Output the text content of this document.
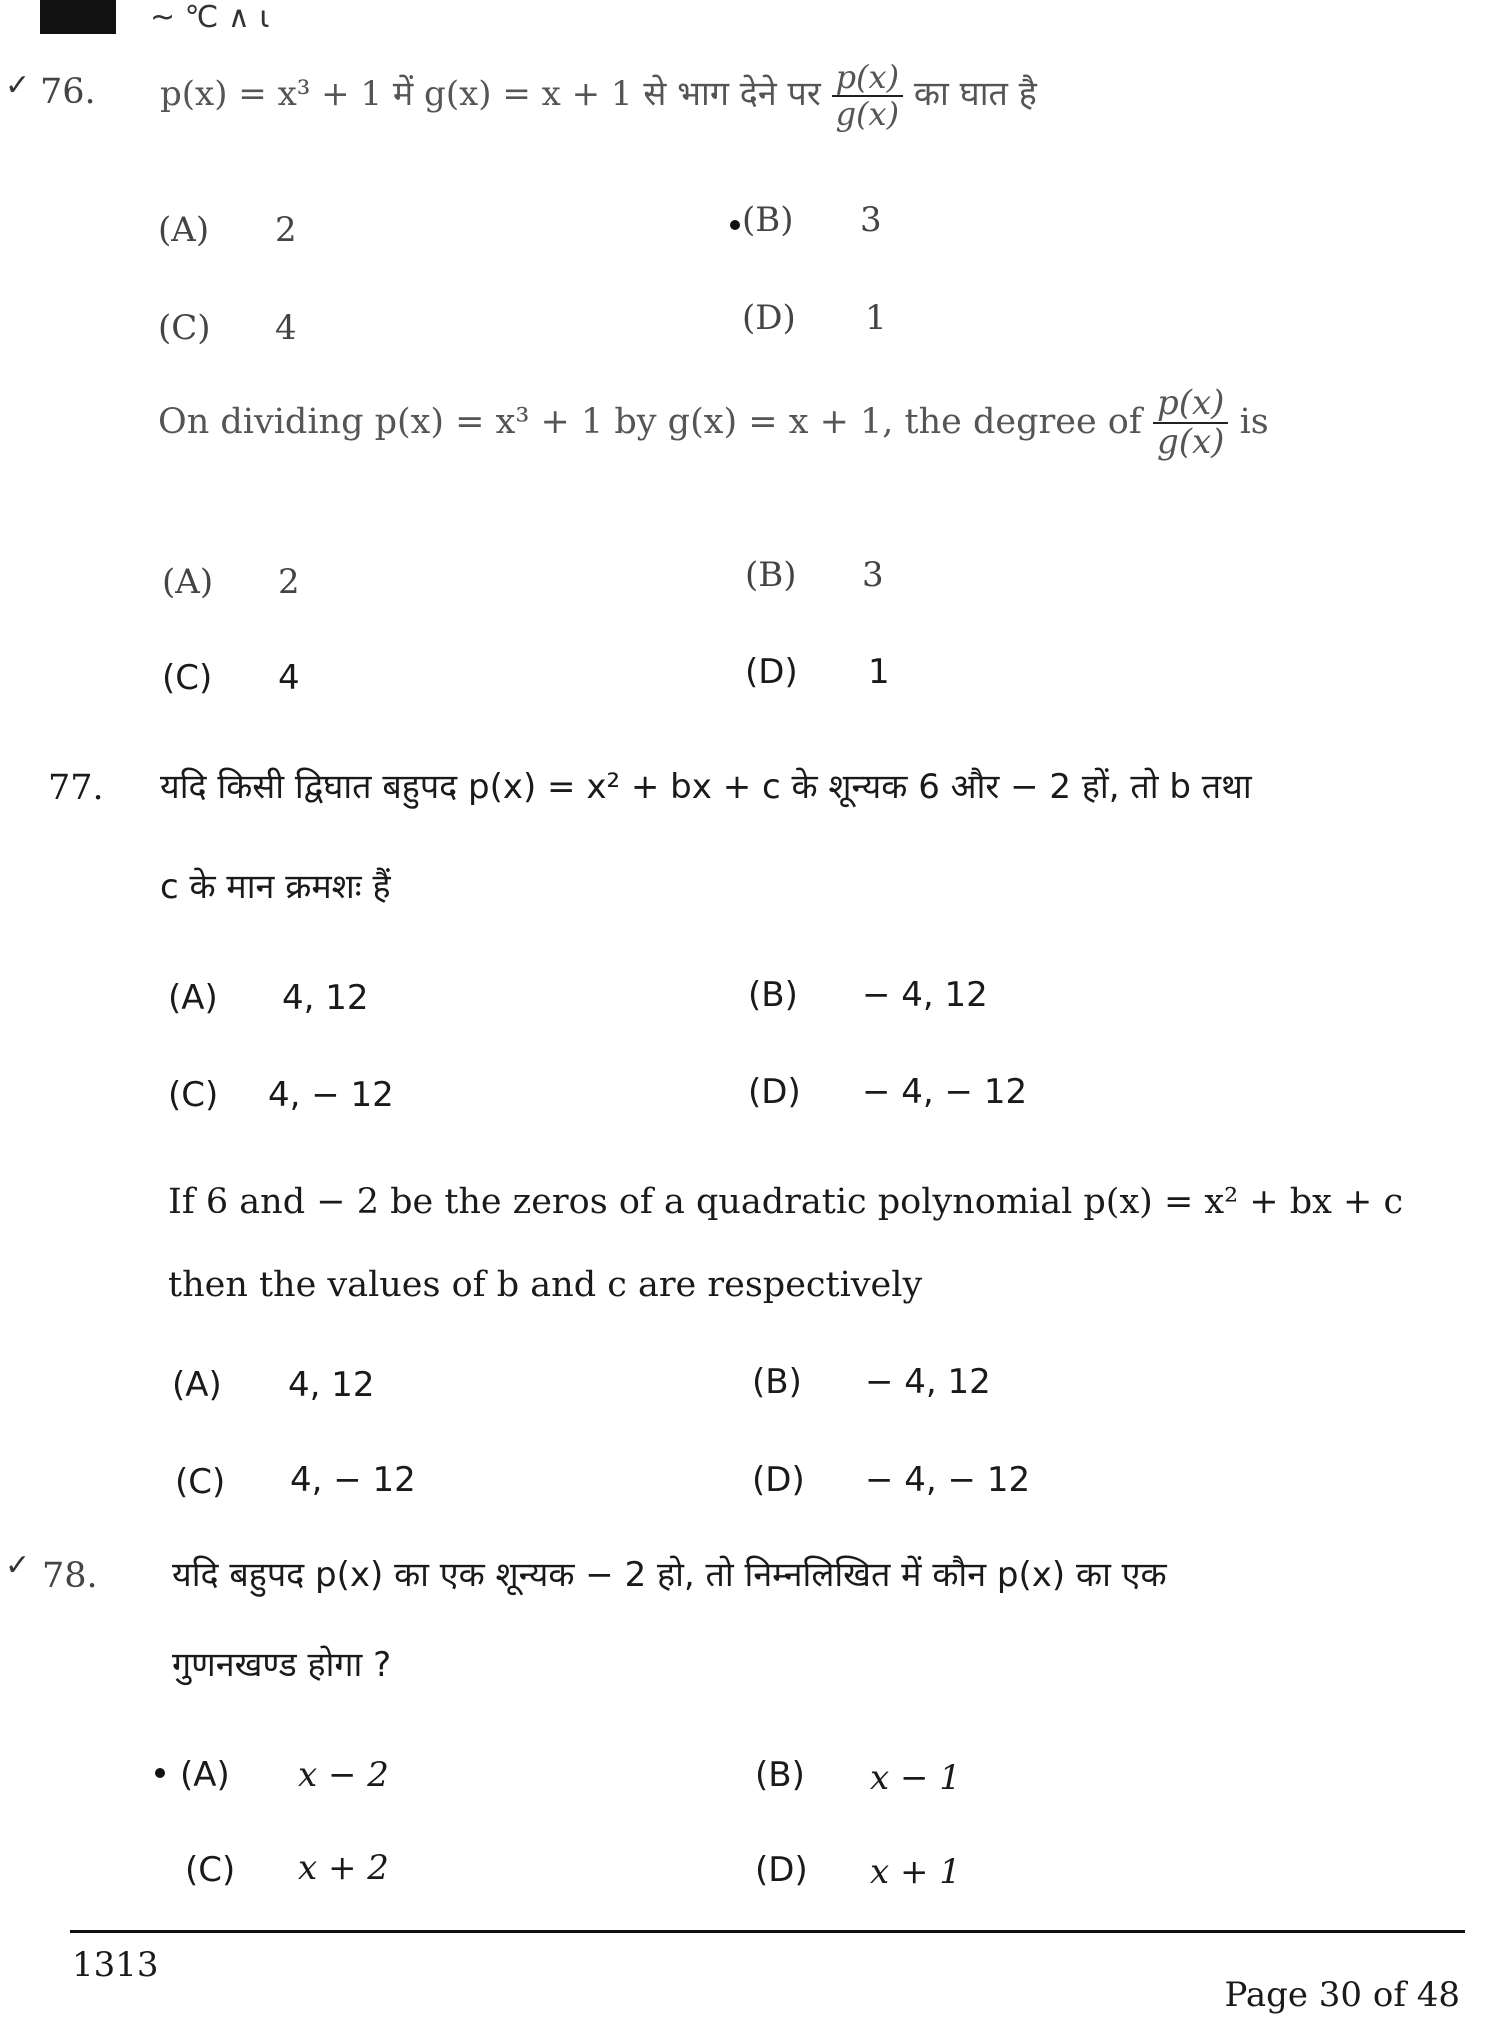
~ ℃ ∧ ι
✓ 76. p(x) = x³ + 1 में g(x) = x + 1 से भाग देने पर $\frac{p(x)}{g(x)}$ का घात है
(A) 2	(B) 3
(C) 4	(D) 1
On dividing p(x) = x³ + 1 by g(x) = x + 1, the degree of $\frac{p(x)}{g(x)}$ is
(A) 2	(B) 3
(C) 4	(D) 1
77. यदि किसी द्विघात बहुपद p(x) = x² + bx + c के शून्यक 6 और − 2 हों, तो b तथा
c के मान क्रमशः हैं
(A) 4, 12	(B) − 4, 12
(C) 4, − 12	(D) − 4, − 12
If 6 and − 2 be the zeros of a quadratic polynomial p(x) = x² + bx + c
then the values of b and c are respectively
(A) 4, 12	(B) − 4, 12
(C) 4, − 12	(D) − 4, − 12
✓ 78. यदि बहुपद p(x) का एक शून्यक − 2 हो, तो निम्नलिखित में कौन p(x) का एक
गुणनखण्ड होगा ?
(A) x − 2	(B) x − 1
(C) x + 2	(D) x + 1
1313
Page 30 of 48
